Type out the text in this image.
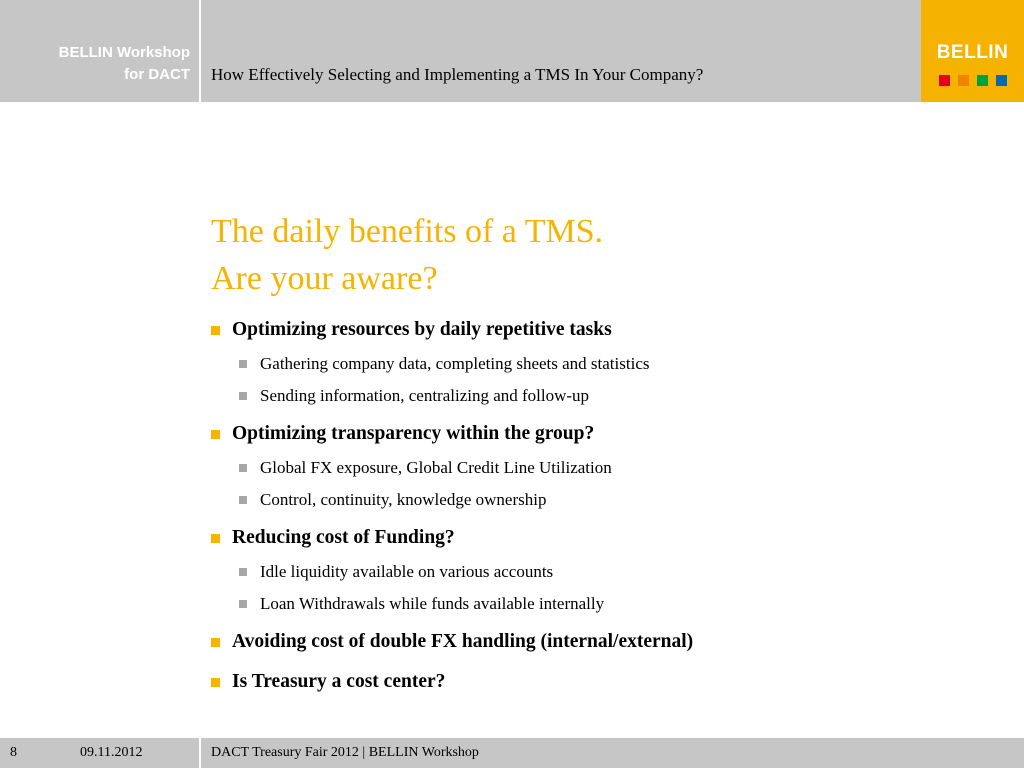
BELLIN Workshop
for DACT How Effectively Selecting and Implementing a TMS In Your Company?
BELLIN
The daily benefits of a TMS.
Are your aware?
Optimizing resources by daily repetitive tasks
Gathering company data, completing sheets and statistics
Sending information, centralizing and follow-up
Optimizing transparency within the group?
Global FX exposure, Global Credit Line Utilization
Control, continuity, knowledge ownership
Reducing cost of Funding?
Idle liquidity available on various accounts
Loan Withdrawals while funds available internally
Avoiding cost of double FX handling (internal/external)
Is Treasury a cost center?
8	09.11.2012	DACT Treasury Fair 2012 | BELLIN Workshop
